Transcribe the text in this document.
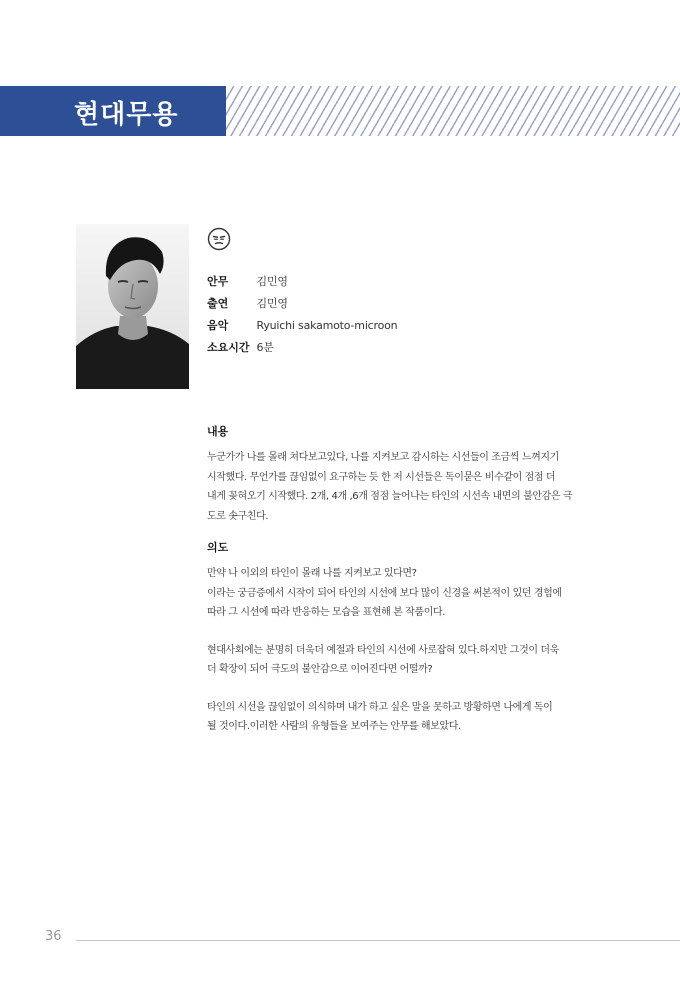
현대무용
안무	김민영
출연	김민영
음악	Ryuichi sakamoto-microon
소요시간 6분
내용
누군가가 나를 몰래 쳐다보고있다, 나를 지켜보고 감시하는 시선들이 조금씩 느껴지기
시작했다. 무언가를 끊임없이 요구하는 듯 한 저 시선들은 독이묻은 비수같이 점점 더
내게 꽂혀오기 시작했다. 2개, 4개 ,6개 점점 늘어나는 타인의 시선속 내면의 불안감은 극
도로 솟구친다.
의도
만약 나 이외의 타인이 몰래 나를 지켜보고 있다면?
이라는 궁금증에서 시작이 되어 타인의 시선에 보다 많이 신경을 써본적이 있던 경험에
따라 그 시선에 따라 반응하는 모습을 표현해 본 작품이다.
현대사회에는 분명히 더욱더 예절과 타인의 시선에 사로잡혀 있다.하지만 그것이 더욱
더 확장이 되어 극도의 불안감으로 이어진다면 어떨까?
타인의 시선을 끊임없이 의식하며 내가 하고 싶은 말을 못하고 방황하면 나에게 독이
될 것이다.이러한 사람의 유형들을 보여주는 안무를 해보았다.
36
